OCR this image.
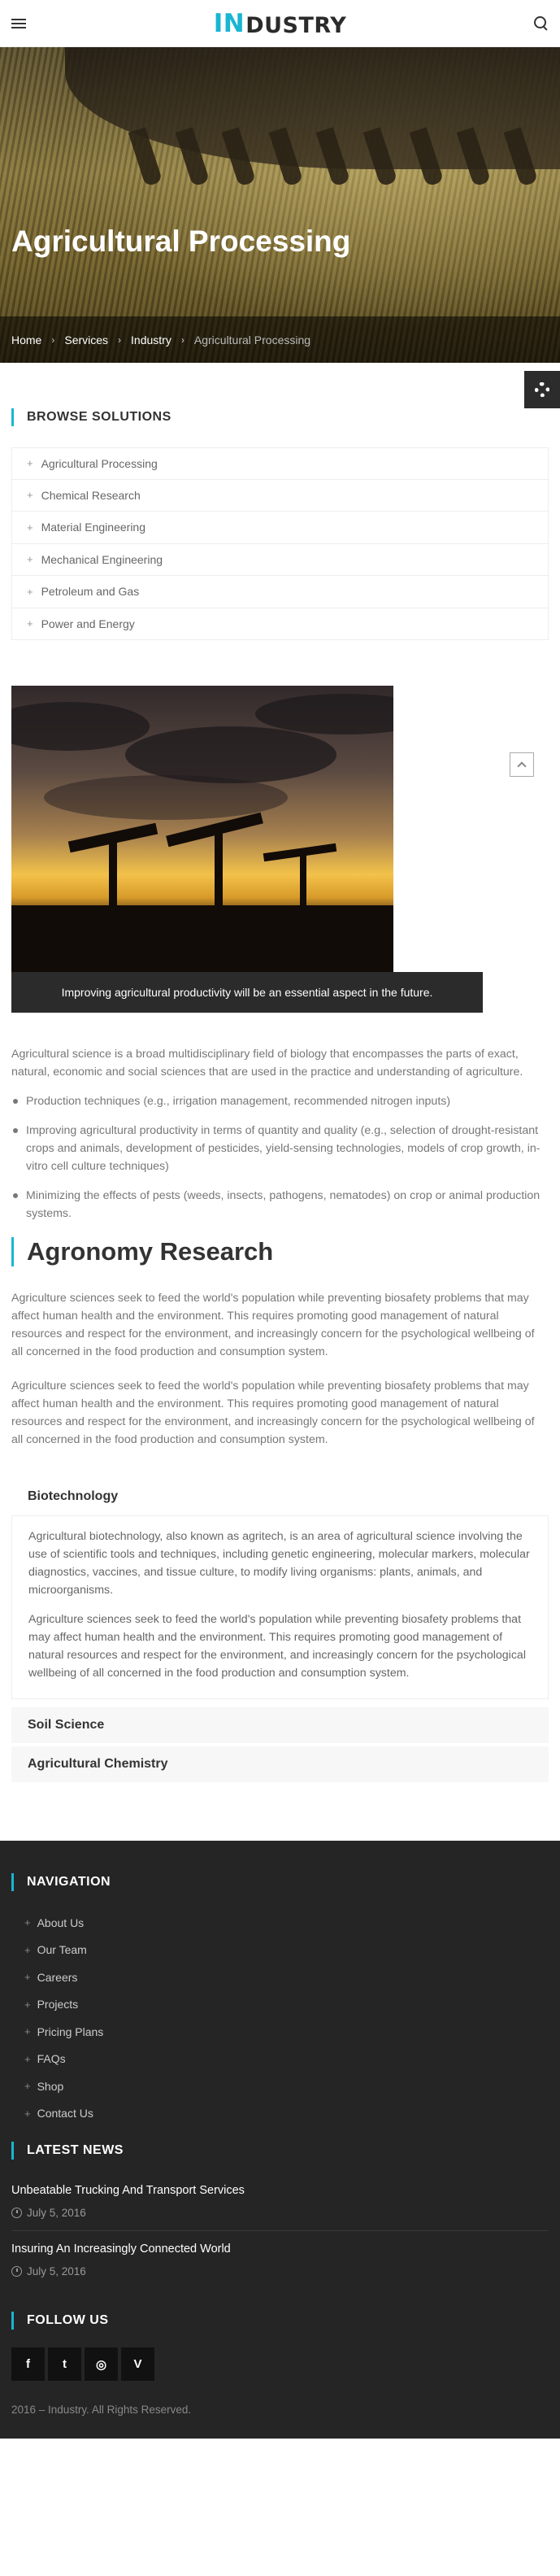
IN DUSTRY
Agricultural Processing
Home › Services › Industry › Agricultural Processing
BROWSE SOLUTIONS
+ Agricultural Processing
+ Chemical Research
+ Material Engineering
+ Mechanical Engineering
+ Petroleum and Gas
+ Power and Energy
Improving agricultural productivity will be an essential aspect in the future.

Agricultural science is a broad multidisciplinary field of biology that encompasses the parts of exact, natural, economic and social sciences that are used in the practice and understanding of agriculture.

Production techniques (e.g., irrigation management, recommended nitrogen inputs)
Improving agricultural productivity in terms of quantity and quality (e.g., selection of drought-resistant crops and animals, development of pesticides, yield-sensing technologies, models of crop growth, in-vitro cell culture techniques)
Minimizing the effects of pests (weeds, insects, pathogens, nematodes) on crop or animal production systems.
Agronomy Research

Agriculture sciences seek to feed the world's population while preventing biosafety problems that may affect human health and the environment. This requires promoting good management of natural resources and respect for the environment, and increasingly concern for the psychological wellbeing of all concerned in the food production and consumption system.

Agriculture sciences seek to feed the world's population while preventing biosafety problems that may affect human health and the environment. This requires promoting good management of natural resources and respect for the environment, and increasingly concern for the psychological wellbeing of all concerned in the food production and consumption system.

Biotechnology

Agricultural biotechnology, also known as agritech, is an area of agricultural science involving the use of scientific tools and techniques, including genetic engineering, molecular markers, molecular diagnostics, vaccines, and tissue culture, to modify living organisms: plants, animals, and microorganisms.

Agriculture sciences seek to feed the world's population while preventing biosafety problems that may affect human health and the environment. This requires promoting good management of natural resources and respect for the environment, and increasingly concern for the psychological wellbeing of all concerned in the food production and consumption system.

Soil Science
Agricultural Chemistry
NAVIGATION
+ About Us
+ Our Team
+ Careers
+ Projects
+ Pricing Plans
+ FAQs
+ Shop
+ Contact Us
LATEST NEWS
Unbeatable Trucking And Transport Services
July 5, 2016
Insuring An Increasingly Connected World
July 5, 2016
FOLLOW US
f	t	◎	V
2016 – Industry. All Rights Reserved.
